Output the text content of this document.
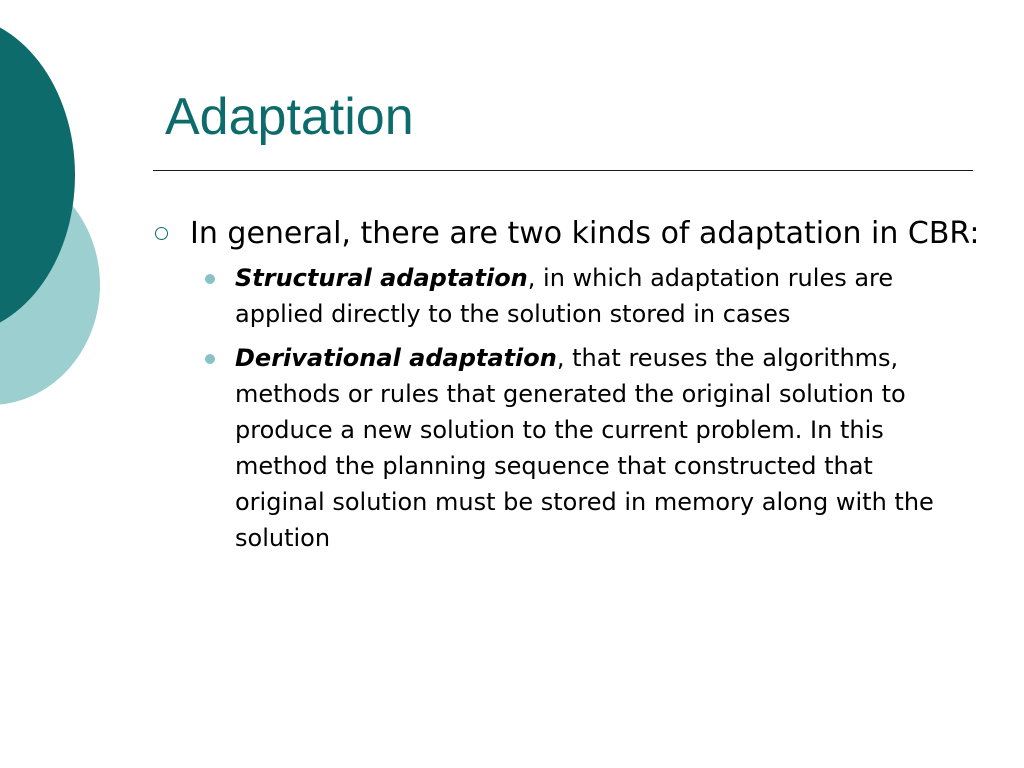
Adaptation
In general, there are two kinds of adaptation in CBR:
Structural adaptation, in which adaptation rules are applied directly to the solution stored in cases
Derivational adaptation, that reuses the algorithms, methods or rules that generated the original solution to produce a new solution to the current problem. In this method the planning sequence that constructed that original solution must be stored in memory along with the solution
